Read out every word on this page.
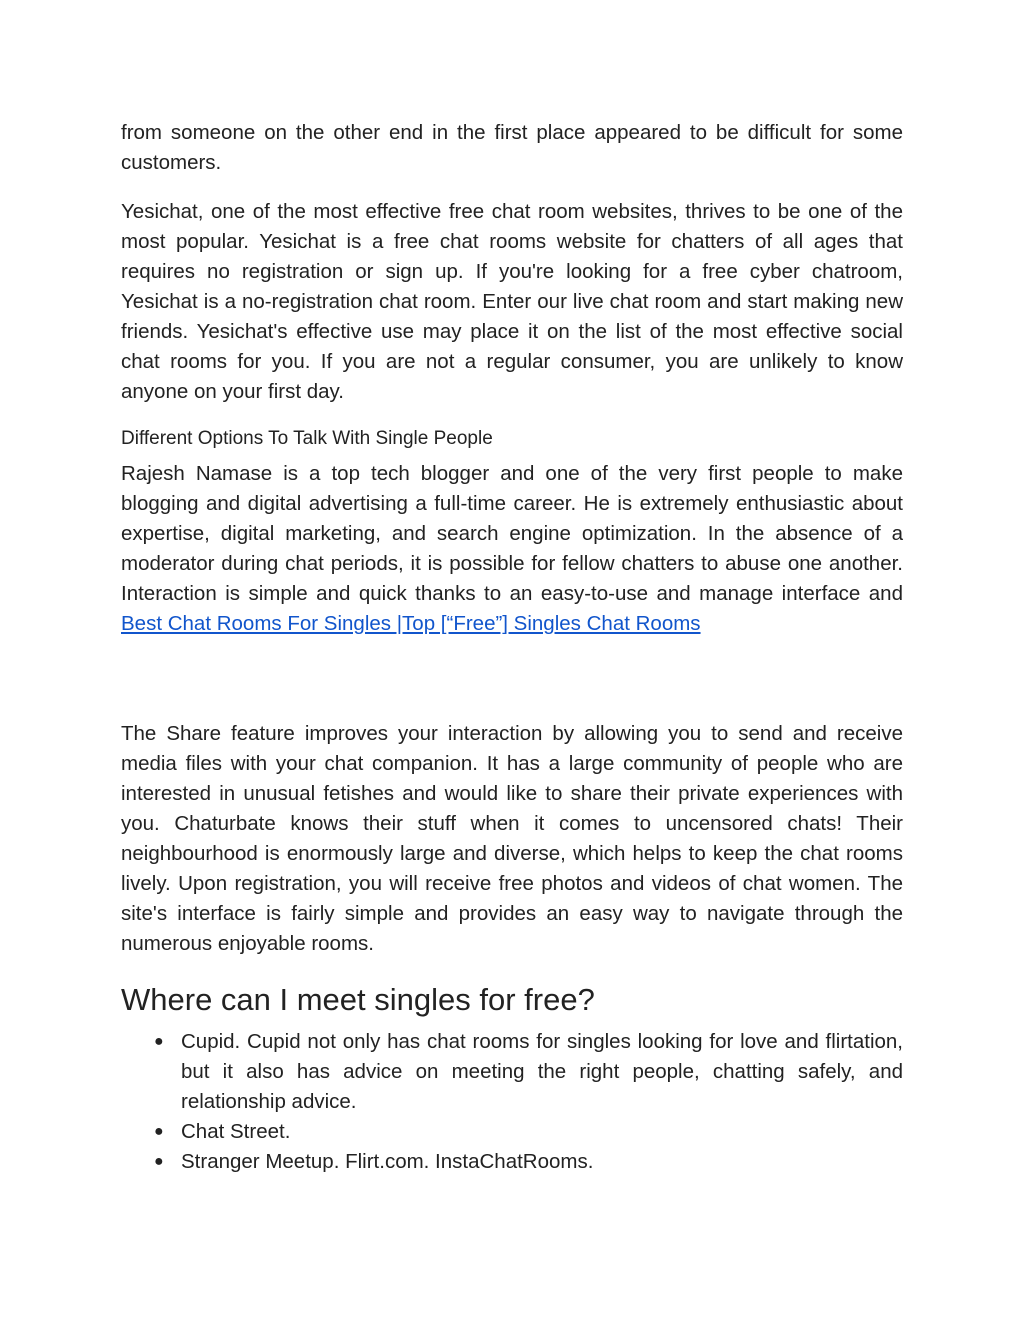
from someone on the other end in the first place appeared to be difficult for some customers.

Yesichat, one of the most effective free chat room websites, thrives to be one of the most popular. Yesichat is a free chat rooms website for chatters of all ages that requires no registration or sign up. If you're looking for a free cyber chatroom, Yesichat is a no-registration chat room. Enter our live chat room and start making new friends. Yesichat's effective use may place it on the list of the most effective social chat rooms for you. If you are not a regular consumer, you are unlikely to know anyone on your first day.

Different Options To Talk With Single People

Rajesh Namase is a top tech blogger and one of the very first people to make blogging and digital advertising a full-time career. He is extremely enthusiastic about expertise, digital marketing, and search engine optimization. In the absence of a moderator during chat periods, it is possible for fellow chatters to abuse one another. Interaction is simple and quick thanks to an easy-to-use and manage interface and Best Chat Rooms For Singles |Top [“Free”] Singles Chat Rooms

The Share feature improves your interaction by allowing you to send and receive media files with your chat companion. It has a large community of people who are interested in unusual fetishes and would like to share their private experiences with you. Chaturbate knows their stuff when it comes to uncensored chats! Their neighbourhood is enormously large and diverse, which helps to keep the chat rooms lively. Upon registration, you will receive free photos and videos of chat women. The site's interface is fairly simple and provides an easy way to navigate through the numerous enjoyable rooms.

Where can I meet singles for free?
● Cupid. Cupid not only has chat rooms for singles looking for love and flirtation, but it also has advice on meeting the right people, chatting safely, and relationship advice.
● Chat Street.
● Stranger Meetup. Flirt.com. InstaChatRooms.
